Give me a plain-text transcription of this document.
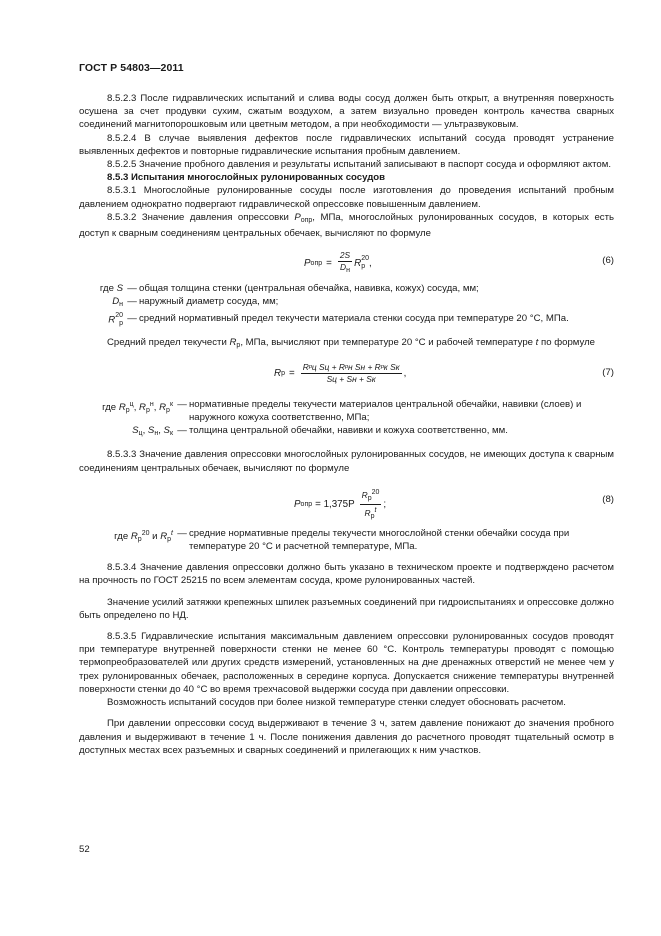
ГОСТ Р 54803—2011

8.5.2.3 После гидравлических испытаний и слива воды сосуд должен быть открыт, а внутренняя поверхность осушена за счет продувки сухим, сжатым воздухом, а затем визуально проведен контроль качества сварных соединений магнитопорошковым или цветным методом, а при необходимости — ультразвуковым.

8.5.2.4 В случае выявления дефектов после гидравлических испытаний сосуда проводят устранение выявленных дефектов и повторные гидравлические испытания пробным давлением.

8.5.2.5 Значение пробного давления и результаты испытаний записывают в паспорт сосуда и оформляют актом.

8.5.3 Испытания многослойных рулонированных сосудов

8.5.3.1 Многослойные рулонированные сосуды после изготовления до проведения испытаний пробным давлением однократно подвергают гидравлической опрессовке повышенным давлением.

8.5.3.2 Значение давления опрессовки $P_{опр}$, МПа, многослойных рулонированных сосудов, в которых есть доступ к сварным соединениям центральных обечаек, вычисляют по формуле

P опр = $\frac{2S}{D_н}$ R 20
р ,	(6)
где S — общая толщина стенки (центральная обечайка, навивка, кожух) сосуда, мм;
$D_н$ — наружный диаметр сосуда, мм;
R 20
р — средний нормативный предел текучести материала стенки сосуда при температуре 20 °С, МПа.

Средний предел текучести $R_р$, МПа, вычисляют при температуре 20 °С и рабочей температуре t по формуле

R $р = \frac{\text{Rᵖц Sц + Rᵖн Sн + Rᵖк Sк}}{Sц + Sн + Sк}$ ,	(7)
где $R_р^ц$, $R_р^н$, $R_р^к$ — нормативные пределы текучести материалов центральной обечайки, навивки (слоев) и наружного кожуха соответственно, МПа;
$S_ц$, $S_н$, $S_к$ — толщина центральной обечайки, навивки и кожуха соответственно, мм.

8.5.3.3 Значение давления опрессовки многослойных рулонированных сосудов, не имеющих доступа к сварным соединениям центральных обечаек, вычисляют по формуле

P опр = $1,375P \frac{R_р^{20}}{R_р^t}$ ;	(8)
где $R_р^{20}$ и $R_р^t$ — средние нормативные пределы текучести многослойной стенки обечайки сосуда при температуре 20 °С и расчетной температуре, МПа.

8.5.3.4 Значение давления опрессовки должно быть указано в техническом проекте и подтверждено расчетом на прочность по ГОСТ 25215 по всем элементам сосуда, кроме рулонированных частей.

Значение усилий затяжки крепежных шпилек разъемных соединений при гидроиспытаниях и опрессовке должно быть определено по НД.

8.5.3.5 Гидравлические испытания максимальным давлением опрессовки рулонированных сосудов проводят при температуре внутренней поверхности стенки не менее 60 °С. Контроль температуры проводят с помощью термопреобразователей или других средств измерений, установленных на дне дренажных отверстий не менее чем у трех рулонированных обечаек, расположенных в середине корпуса. Допускается снижение температуры внутренней поверхности стенки до 40 °С во время трехчасовой выдержки сосуда при давлении опрессовки.

Возможность испытаний сосудов при более низкой температуре стенки следует обосновать расчетом.

При давлении опрессовки сосуд выдерживают в течение 3 ч, затем давление понижают до значения пробного давления и выдерживают в течение 1 ч. После понижения давления до расчетного проводят тщательный осмотр в доступных местах всех разъемных и сварных соединений и прилегающих к ним участков.

52
